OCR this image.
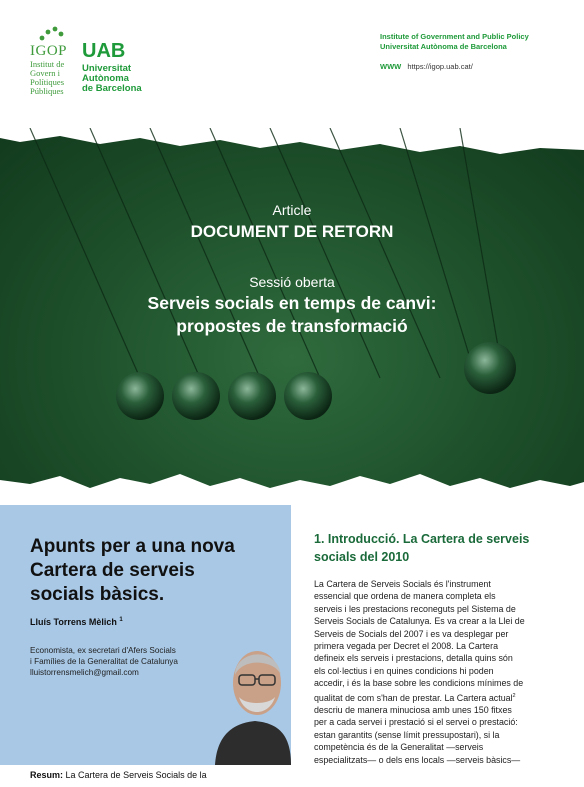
IGOP
Institut de
Govern i
Polítiques
Públiques
UAB
Universitat
Autònoma
de Barcelona
Institute of Government and Public Policy
Universitat Autònoma de Barcelona
WWW https://igop.uab.cat/
Article
DOCUMENT DE RETORN
Sessió oberta
Serveis socials en temps de canvi:
propostes de transformació
Apunts per a una nova
Cartera de serveis
socials bàsics.
Lluís Torrens Mèlich $^1$
Economista, ex secretari d'Afers Socials
i Famílies de la Generalitat de Catalunya
lluistorrensmelich@gmail.com
Resum: La Cartera de Serveis Socials de la
1. Introducció. La Cartera de serveis
socials del 2010
La Cartera de Serveis Socials és l'instrument
essencial que ordena de manera completa els
serveis i les prestacions reconeguts pel Sistema de
Serveis Socials de Catalunya. Es va crear a la Llei de
Serveis de Socials del 2007 i es va desplegar per
primera vegada per Decret el 2008. La Cartera
defineix els serveis i prestacions, detalla quins són
els col·lectius i en quines condicions hi poden
accedir, i és la base sobre les condicions mínimes de
qualitat de com s'han de prestar. La Cartera actual$^2$
descriu de manera minuciosa amb unes 150 fitxes
per a cada servei i prestació si el servei o prestació:
estan garantits (sense límit pressupostari), si la
competència és de la Generalitat —serveis
especialitzats— o dels ens locals —serveis bàsics—
